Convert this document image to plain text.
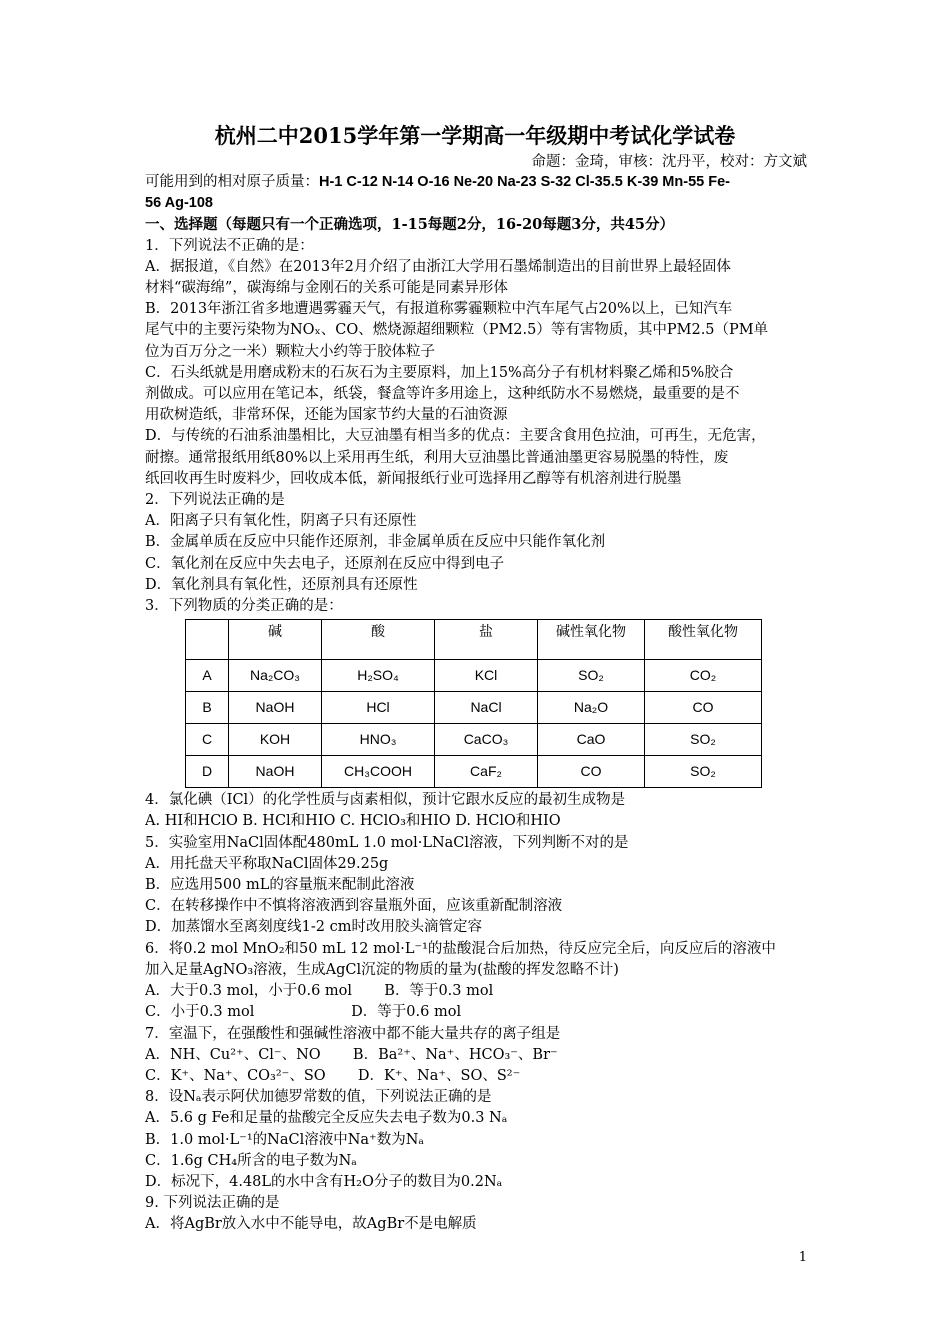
杭州二中2015学年第一学期高一年级期中考试化学试卷
命题：金琦，审核：沈丹平，校对：方文斌
可能用到的相对原子质量：H-1 C-12 N-14 O-16 Ne-20 Na-23 S-32 Cl-35.5 K-39 Mn-55 Fe-
56 Ag-108
一、选择题（每题只有一个正确选项，1-15每题2分，16-20每题3分，共45分）
1．下列说法不正确的是：
A．据报道，《自然》在2013年2月介绍了由浙江大学用石墨烯制造出的目前世界上最轻固体
材料“碳海绵”，碳海绵与金刚石的关系可能是同素异形体
B．2013年浙江省多地遭遇雾霾天气，有报道称雾霾颗粒中汽车尾气占20%以上，已知汽车
尾气中的主要污染物为NOₓ、CO、燃烧源超细颗粒（PM2.5）等有害物质，其中PM2.5（PM单
位为百万分之一米）颗粒大小约等于胶体粒子
C．石头纸就是用磨成粉末的石灰石为主要原料，加上15%高分子有机材料聚乙烯和5%胶合
剂做成。可以应用在笔记本，纸袋，餐盒等许多用途上，这种纸防水不易燃烧，最重要的是不
用砍树造纸，非常环保，还能为国家节约大量的石油资源
D．与传统的石油系油墨相比，大豆油墨有相当多的优点：主要含食用色拉油，可再生，无危害，
耐擦。通常报纸用纸80%以上采用再生纸，利用大豆油墨比普通油墨更容易脱墨的特性，废
纸回收再生时废料少，回收成本低，新闻报纸行业可选择用乙醇等有机溶剂进行脱墨
2．下列说法正确的是
A．阳离子只有氧化性，阴离子只有还原性
B．金属单质在反应中只能作还原剂，非金属单质在反应中只能作氧化剂
C．氧化剂在反应中失去电子，还原剂在反应中得到电子
D．氧化剂具有氧化性，还原剂具有还原性
3．下列物质的分类正确的是：
	碱	酸	盐	碱性氧化物	酸性氧化物
A	Na₂CO₃	H₂SO₄	KCl	SO₂	CO₂
B	NaOH	HCl	NaCl	Na₂O	CO
C	KOH	HNO₃	CaCO₃	CaO	SO₂
D	NaOH	CH₃COOH	CaF₂	CO	SO₂
4．氯化碘（ICl）的化学性质与卤素相似，预计它跟水反应的最初生成物是
A. HI和HClO B. HCl和HIO C. HClO₃和HIO D. HClO和HIO
5．实验室用NaCl固体配480mL 1.0 mol·LNaCl溶液，下列判断不对的是
A．用托盘天平称取NaCl固体29.25g
B．应选用500 mL的容量瓶来配制此溶液
C．在转移操作中不慎将溶液洒到容量瓶外面，应该重新配制溶液
D．加蒸馏水至离刻度线1-2 cm时改用胶头滴管定容
6．将0.2 mol MnO₂和50 mL 12 mol·L⁻¹的盐酸混合后加热，待反应完全后，向反应后的溶液中
加入足量AgNO₃溶液，生成AgCl沉淀的物质的量为(盐酸的挥发忽略不计)
A．大于0.3 mol，小于0.6 mol       B．等于0.3 mol
C．小于0.3 mol                     D．等于0.6 mol
7．室温下，在强酸性和强碱性溶液中都不能大量共存的离子组是
A．NH、Cu²⁺、Cl⁻、NO       B．Ba²⁺、Na⁺、HCO₃⁻、Br⁻
C．K⁺、Na⁺、CO₃²⁻、SO       D．K⁺、Na⁺、SO、S²⁻
8．设Nₐ表示阿伏加德罗常数的值，下列说法正确的是
A．5.6 g Fe和足量的盐酸完全反应失去电子数为0.3 Nₐ
B．1.0 mol·L⁻¹的NaCl溶液中Na⁺数为Nₐ
C．1.6g CH₄所含的电子数为Nₐ
D．标况下，4.48L的水中含有H₂O分子的数目为0.2Nₐ
9. 下列说法正确的是
A．将AgBr放入水中不能导电，故AgBr不是电解质
1
